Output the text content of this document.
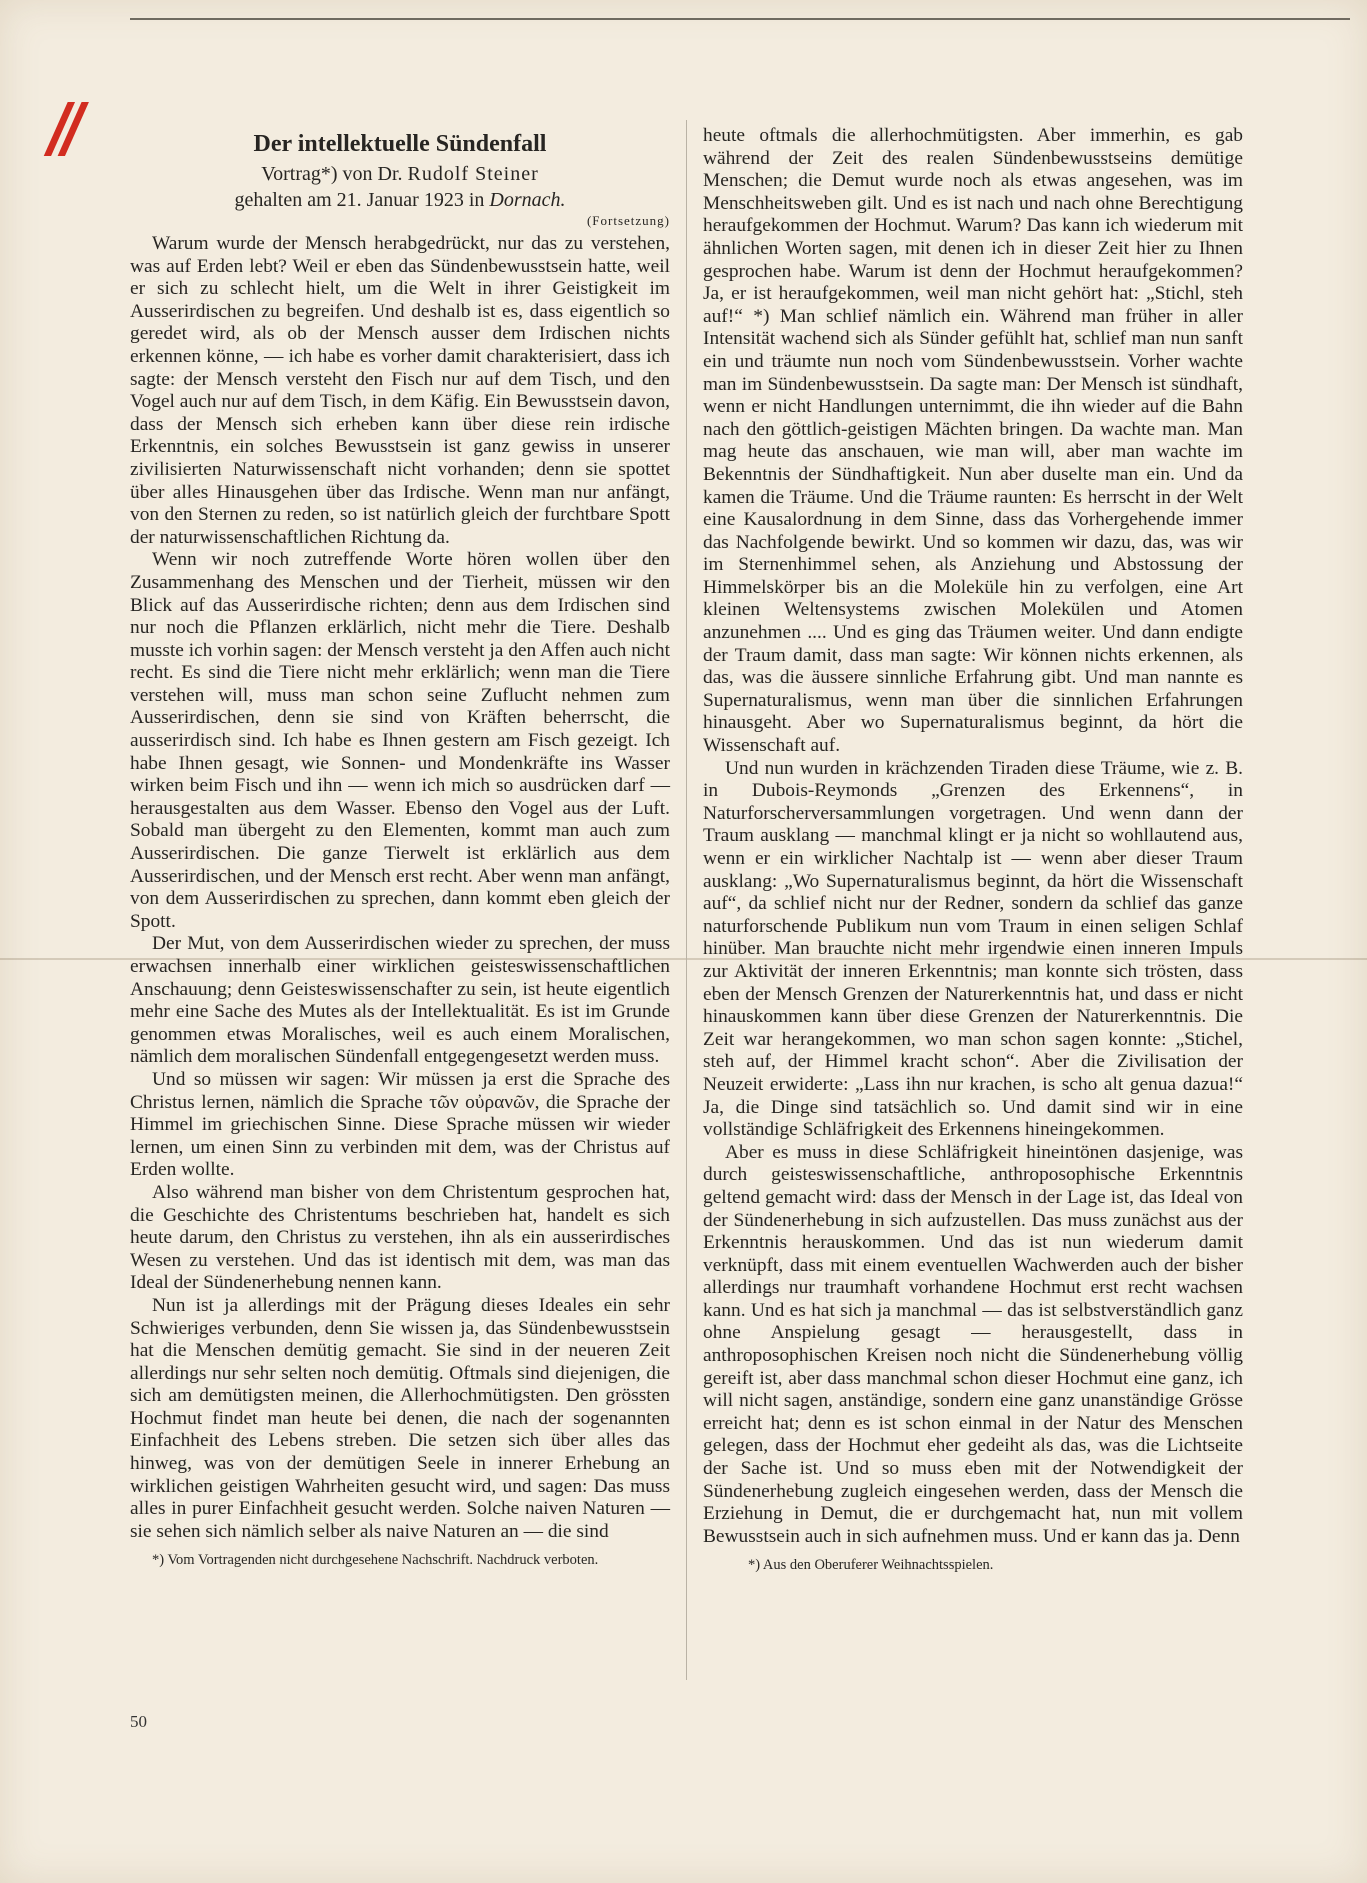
II	Der intellektuelle Sündenfall
Vortrag*) von Dr. Rudolf Steiner
gehalten am 21. Januar 1923 in Dornach.
(Fortsetzung)

Warum wurde der Mensch herabgedrückt, nur das zu verstehen, was auf Erden lebt? Weil er eben das Sündenbewusstsein hatte, weil er sich zu schlecht hielt, um die Welt in ihrer Geistigkeit im Ausserirdischen zu begreifen. Und deshalb ist es, dass eigentlich so geredet wird, als ob der Mensch ausser dem Irdischen nichts erkennen könne, — ich habe es vorher damit charakterisiert, dass ich sagte: der Mensch versteht den Fisch nur auf dem Tisch, und den Vogel auch nur auf dem Tisch, in dem Käfig. Ein Bewusstsein davon, dass der Mensch sich erheben kann über diese rein irdische Erkenntnis, ein solches Bewusstsein ist ganz gewiss in unserer zivilisierten Naturwissenschaft nicht vorhanden; denn sie spottet über alles Hinausgehen über das Irdische. Wenn man nur anfängt, von den Sternen zu reden, so ist natürlich gleich der furchtbare Spott der naturwissenschaftlichen Richtung da.

Wenn wir noch zutreffende Worte hören wollen über den Zusammenhang des Menschen und der Tierheit, müssen wir den Blick auf das Ausserirdische richten; denn aus dem Irdischen sind nur noch die Pflanzen erklärlich, nicht mehr die Tiere. Deshalb musste ich vorhin sagen: der Mensch versteht ja den Affen auch nicht recht. Es sind die Tiere nicht mehr erklärlich; wenn man die Tiere verstehen will, muss man schon seine Zuflucht nehmen zum Ausserirdischen, denn sie sind von Kräften beherrscht, die ausserirdisch sind. Ich habe es Ihnen gestern am Fisch gezeigt. Ich habe Ihnen gesagt, wie Sonnen- und Mondenkräfte ins Wasser wirken beim Fisch und ihn — wenn ich mich so ausdrücken darf — herausgestalten aus dem Wasser. Ebenso den Vogel aus der Luft. Sobald man übergeht zu den Elementen, kommt man auch zum Ausserirdischen. Die ganze Tierwelt ist erklärlich aus dem Ausserirdischen, und der Mensch erst recht. Aber wenn man anfängt, von dem Ausserirdischen zu sprechen, dann kommt eben gleich der Spott.

Der Mut, von dem Ausserirdischen wieder zu sprechen, der muss erwachsen innerhalb einer wirklichen geisteswissenschaftlichen Anschauung; denn Geisteswissenschafter zu sein, ist heute eigentlich mehr eine Sache des Mutes als der Intellektualität. Es ist im Grunde genommen etwas Moralisches, weil es auch einem Moralischen, nämlich dem moralischen Sündenfall entgegengesetzt werden muss.

Und so müssen wir sagen: Wir müssen ja erst die Sprache des Christus lernen, nämlich die Sprache τῶν οὐρανῶν, die Sprache der Himmel im griechischen Sinne. Diese Sprache müssen wir wieder lernen, um einen Sinn zu verbinden mit dem, was der Christus auf Erden wollte.

Also während man bisher von dem Christentum gesprochen hat, die Geschichte des Christentums beschrieben hat, handelt es sich heute darum, den Christus zu verstehen, ihn als ein ausserirdisches Wesen zu verstehen. Und das ist identisch mit dem, was man das Ideal der Sündenerhebung nennen kann.

Nun ist ja allerdings mit der Prägung dieses Ideales ein sehr Schwieriges verbunden, denn Sie wissen ja, das Sündenbewusstsein hat die Menschen demütig gemacht. Sie sind in der neueren Zeit allerdings nur sehr selten noch demütig. Oftmals sind diejenigen, die sich am demütigsten meinen, die Allerhochmütigsten. Den grössten Hochmut findet man heute bei denen, die nach der sogenannten Einfachheit des Lebens streben. Die setzen sich über alles das hinweg, was von der demütigen Seele in innerer Erhebung an wirklichen geistigen Wahrheiten gesucht wird, und sagen: Das muss alles in purer Einfachheit gesucht werden. Solche naiven Naturen — sie sehen sich nämlich selber als naive Naturen an — die sind

*) Vom Vortragenden nicht durchgesehene Nachschrift. Nachdruck verboten.

heute oftmals die allerhochmütigsten. Aber immerhin, es gab während der Zeit des realen Sündenbewusstseins demütige Menschen; die Demut wurde noch als etwas angesehen, was im Menschheitsweben gilt. Und es ist nach und nach ohne Berechtigung heraufgekommen der Hochmut. Warum? Das kann ich wiederum mit ähnlichen Worten sagen, mit denen ich in dieser Zeit hier zu Ihnen gesprochen habe. Warum ist denn der Hochmut heraufgekommen? Ja, er ist heraufgekommen, weil man nicht gehört hat: „Stichl, steh auf!“ *) Man schlief nämlich ein. Während man früher in aller Intensität wachend sich als Sünder gefühlt hat, schlief man nun sanft ein und träumte nun noch vom Sündenbewusstsein. Vorher wachte man im Sündenbewusstsein. Da sagte man: Der Mensch ist sündhaft, wenn er nicht Handlungen unternimmt, die ihn wieder auf die Bahn nach den göttlich-geistigen Mächten bringen. Da wachte man. Man mag heute das anschauen, wie man will, aber man wachte im Bekenntnis der Sündhaftigkeit. Nun aber duselte man ein. Und da kamen die Träume. Und die Träume raunten: Es herrscht in der Welt eine Kausalordnung in dem Sinne, dass das Vorhergehende immer das Nachfolgende bewirkt. Und so kommen wir dazu, das, was wir im Sternenhimmel sehen, als Anziehung und Abstossung der Himmelskörper bis an die Moleküle hin zu verfolgen, eine Art kleinen Weltensystems zwischen Molekülen und Atomen anzunehmen .... Und es ging das Träumen weiter. Und dann endigte der Traum damit, dass man sagte: Wir können nichts erkennen, als das, was die äussere sinnliche Erfahrung gibt. Und man nannte es Supernaturalismus, wenn man über die sinnlichen Erfahrungen hinausgeht. Aber wo Supernaturalismus beginnt, da hört die Wissenschaft auf.

Und nun wurden in krächzenden Tiraden diese Träume, wie z. B. in Dubois-Reymonds „Grenzen des Erkennens“, in Naturforscherversammlungen vorgetragen. Und wenn dann der Traum ausklang — manchmal klingt er ja nicht so wohllautend aus, wenn er ein wirklicher Nachtalp ist — wenn aber dieser Traum ausklang: „Wo Supernaturalismus beginnt, da hört die Wissenschaft auf“, da schlief nicht nur der Redner, sondern da schlief das ganze naturforschende Publikum nun vom Traum in einen seligen Schlaf hinüber. Man brauchte nicht mehr irgendwie einen inneren Impuls zur Aktivität der inneren Erkenntnis; man konnte sich trösten, dass eben der Mensch Grenzen der Naturerkenntnis hat, und dass er nicht hinauskommen kann über diese Grenzen der Naturerkenntnis. Die Zeit war herangekommen, wo man schon sagen konnte: „Stichel, steh auf, der Himmel kracht schon“. Aber die Zivilisation der Neuzeit erwiderte: „Lass ihn nur krachen, is scho alt genua dazua!“ Ja, die Dinge sind tatsächlich so. Und damit sind wir in eine vollständige Schläfrigkeit des Erkennens hineingekommen.

Aber es muss in diese Schläfrigkeit hineintönen dasjenige, was durch geisteswissenschaftliche, anthroposophische Erkenntnis geltend gemacht wird: dass der Mensch in der Lage ist, das Ideal von der Sündenerhebung in sich aufzustellen. Das muss zunächst aus der Erkenntnis herauskommen. Und das ist nun wiederum damit verknüpft, dass mit einem eventuellen Wachwerden auch der bisher allerdings nur traumhaft vorhandene Hochmut erst recht wachsen kann. Und es hat sich ja manchmal — das ist selbstverständlich ganz ohne Anspielung gesagt — herausgestellt, dass in anthroposophischen Kreisen noch nicht die Sündenerhebung völlig gereift ist, aber dass manchmal schon dieser Hochmut eine ganz, ich will nicht sagen, anständige, sondern eine ganz unanständige Grösse erreicht hat; denn es ist schon einmal in der Natur des Menschen gelegen, dass der Hochmut eher gedeiht als das, was die Lichtseite der Sache ist. Und so muss eben mit der Notwendigkeit der Sündenerhebung zugleich eingesehen werden, dass der Mensch die Erziehung in Demut, die er durchgemacht hat, nun mit vollem Bewusstsein auch in sich aufnehmen muss. Und er kann das ja. Denn

*) Aus den Oberuferer Weihnachtsspielen.
50
